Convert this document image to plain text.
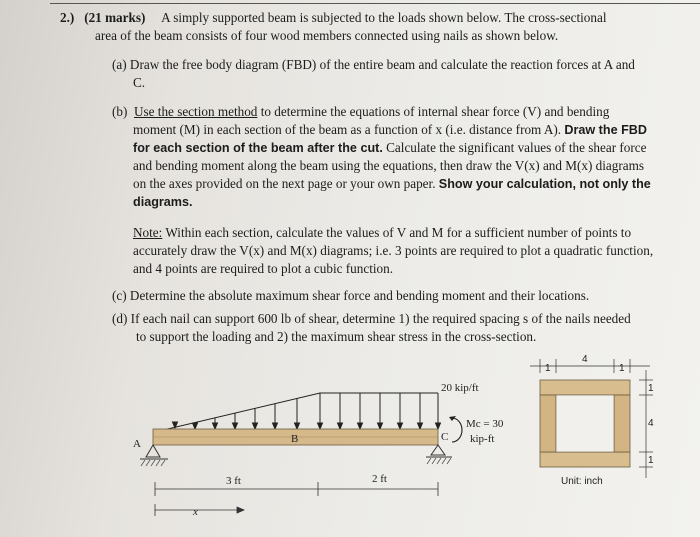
2.) (21 marks) A simply supported beam is subjected to the loads shown below. The cross-sectional
area of the beam consists of four wood members connected using nails as shown below.
(a) Draw the free body diagram (FBD) of the entire beam and calculate the reaction forces at A and
C.
(b) Use the section method to determine the equations of internal shear force (V) and bending
moment (M) in each section of the beam as a function of x (i.e. distance from A). Draw the FBD
for each section of the beam after the cut. Calculate the significant values of the shear force
and bending moment along the beam using the equations, then draw the V(x) and M(x) diagrams
on the axes provided on the next page or your own paper. Show your calculation, not only the
diagrams.
Note: Within each section, calculate the values of V and M for a sufficient number of points to
accurately draw the V(x) and M(x) diagrams; i.e. 3 points are required to plot a quadratic function,
and 4 points are required to plot a cubic function.
(c) Determine the absolute maximum shear force and bending moment and their locations.
(d) If each nail can support 600 lb of shear, determine 1) the required spacing s of the nails needed
to support the loading and 2) the maximum shear stress in the cross-section.
A	B	C
20 kip/ft
Mc = 30
kip-ft
3 ft	2 ft
x
1
4
1
1
4
1
Unit: inch
